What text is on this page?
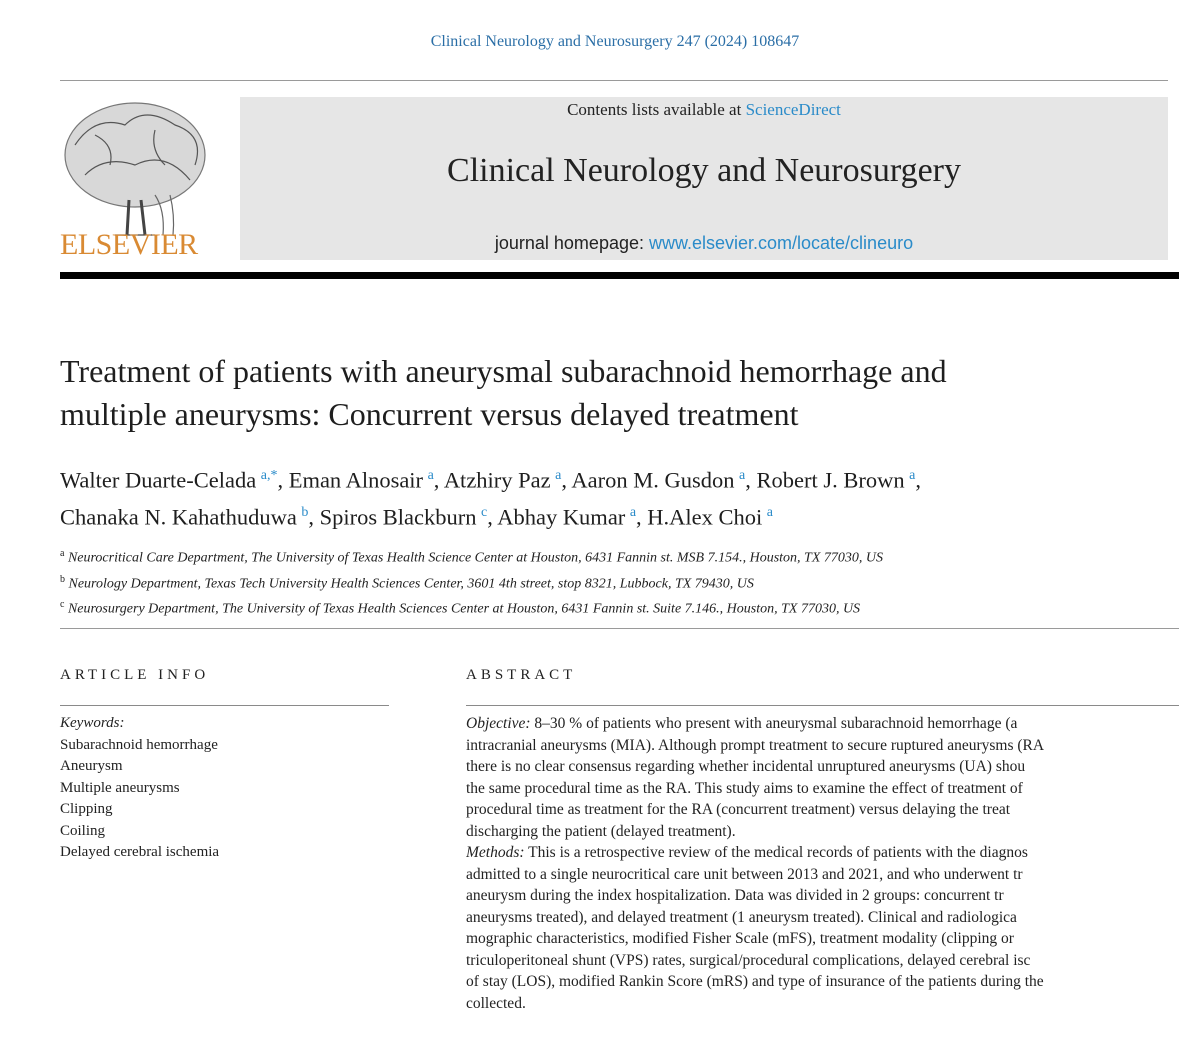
Clinical Neurology and Neurosurgery 247 (2024) 108647
ELSEVIER
Contents lists available at ScienceDirect
Clinical Neurology and Neurosurgery
journal homepage: www.elsevier.com/locate/clineuro
Treatment of patients with aneurysmal subarachnoid hemorrhage and
multiple aneurysms: Concurrent versus delayed treatment
Walter Duarte-Celada  $^{a,*}$, Eman Alnosair  $^a$, Atzhiry Paz  $^a$, Aaron M. Gusdon  $^a$, Robert J. Brown  $^a$,
Chanaka N. Kahathuduwa  $^b$, Spiros Blackburn  $^c$, Abhay Kumar  $^a$, H.Alex Choi  $^a$
$^a$ Neurocritical Care Department, The University of Texas Health Science Center at Houston, 6431 Fannin st. MSB 7.154., Houston, TX 77030, US
$^b$ Neurology Department, Texas Tech University Health Sciences Center, 3601 4th street, stop 8321, Lubbock, TX 79430, US
$^c$ Neurosurgery Department, The University of Texas Health Sciences Center at Houston, 6431 Fannin st. Suite 7.146., Houston, TX 77030, US
ARTICLE INFO	ABSTRACT
Keywords:
Subarachnoid hemorrhage
Aneurysm
Multiple aneurysms
Clipping
Coiling
Delayed cerebral ischemia
Objective: 8–30 % of patients who present with aneurysmal subarachnoid hemorrhage (a
intracranial aneurysms (MIA). Although prompt treatment to secure ruptured aneurysms (RA
there is no clear consensus regarding whether incidental unruptured aneurysms (UA) shou
the same procedural time as the RA. This study aims to examine the effect of treatment of
procedural time as treatment for the RA (concurrent treatment) versus delaying the treat
discharging the patient (delayed treatment).
Methods: This is a retrospective review of the medical records of patients with the diagnos
admitted to a single neurocritical care unit between 2013 and 2021, and who underwent tr
aneurysm during the index hospitalization. Data was divided in 2 groups: concurrent tr
aneurysms treated), and delayed treatment (1 aneurysm treated). Clinical and radiologica
mographic characteristics, modified Fisher Scale (mFS), treatment modality (clipping or
triculoperitoneal shunt (VPS) rates, surgical/procedural complications, delayed cerebral isc
of stay (LOS), modified Rankin Score (mRS) and type of insurance of the patients during the
collected.
